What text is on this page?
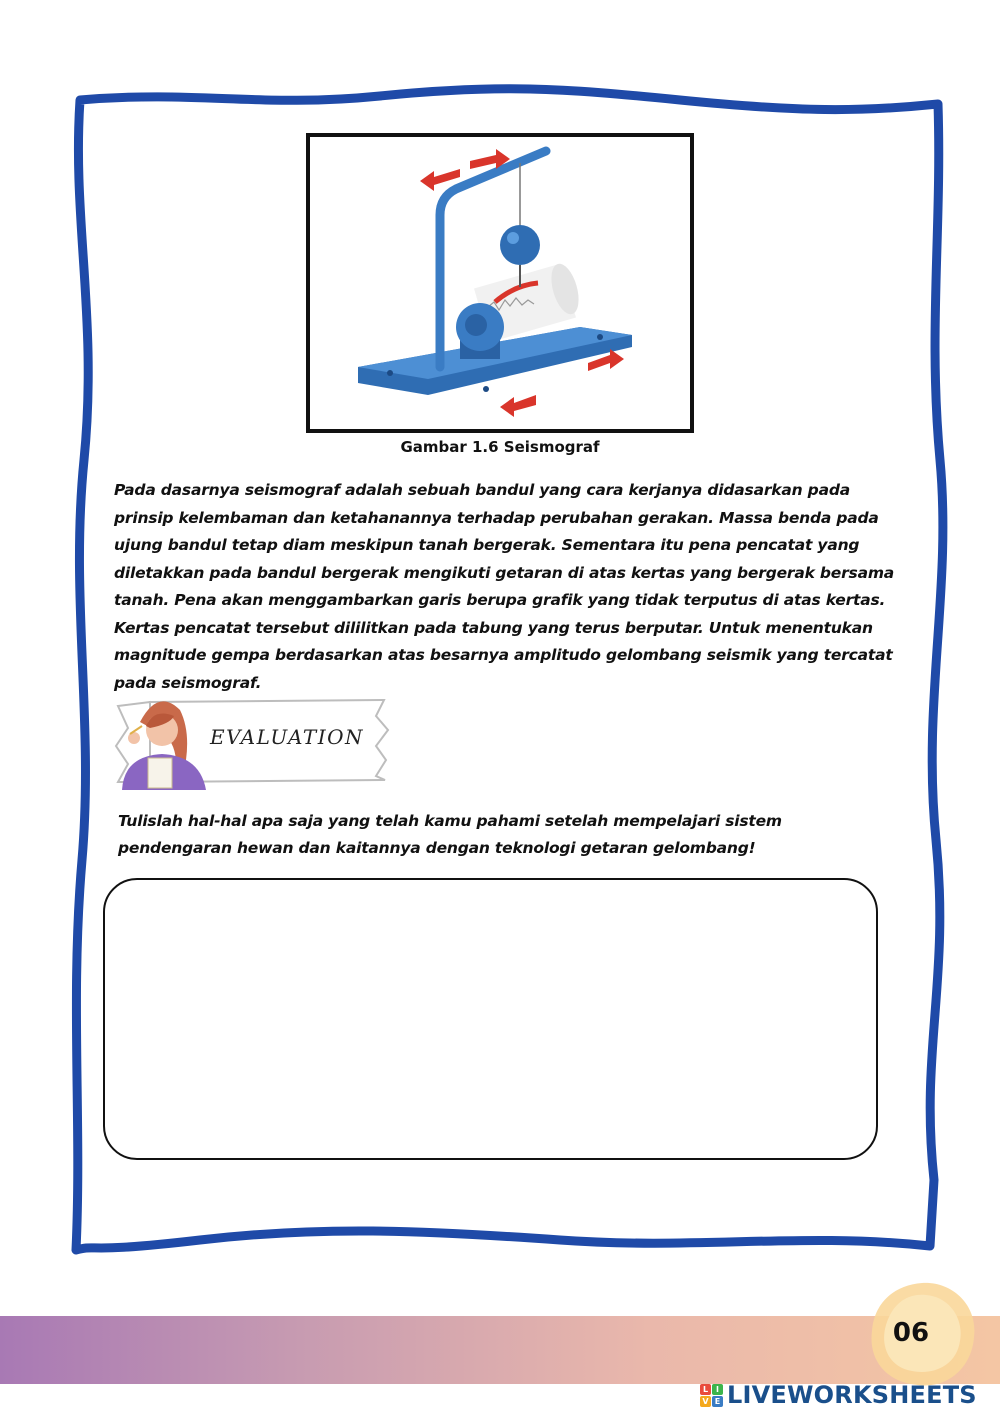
Gambar 1.6 Seismograf
Pada dasarnya seismograf adalah sebuah bandul yang cara kerjanya didasarkan pada prinsip kelembaman dan ketahanannya terhadap perubahan gerakan. Massa benda pada ujung bandul tetap diam meskipun tanah bergerak. Sementara itu pena pencatat yang diletakkan pada bandul bergerak mengikuti getaran di atas kertas yang bergerak bersama tanah. Pena akan menggambarkan garis berupa grafik yang tidak terputus di atas kertas. Kertas pencatat tersebut dililitkan pada tabung yang terus berputar. Untuk menentukan magnitude gempa berdasarkan atas besarnya amplitudo gelombang seismik yang tercatat pada seismograf.
EVALUATION
Tulislah hal-hal apa saja yang telah kamu pahami setelah mempelajari sistem pendengaran hewan dan kaitannya dengan teknologi getaran gelombang!
06
L I
V E LIVEWORKSHEETS
